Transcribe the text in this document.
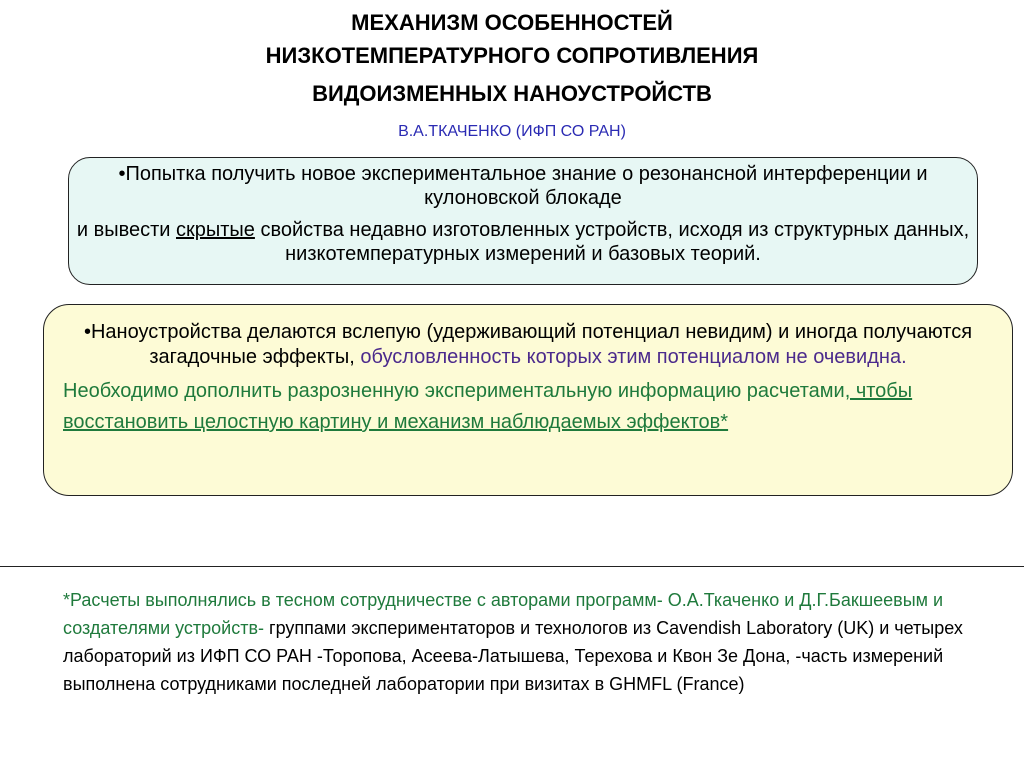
МЕХАНИЗМ ОСОБЕННОСТЕЙ
НИЗКОТЕМПЕРАТУРНОГО СОПРОТИВЛЕНИЯ
ВИДОИЗМЕННЫХ НАНОУСТРОЙСТВ
В.А.ТКАЧЕНКО (ИФП СО РАН)

•Попытка получить новое экспериментальное знание о резонансной интерференции и кулоновской блокаде

и вывести скрытые свойства недавно изготовленных устройств, исходя из структурных данных, низкотемпературных измерений и базовых теорий.

•Наноустройства делаются вслепую (удерживающий потенциал невидим) и иногда получаются загадочные эффекты, обусловленность которых этим потенциалом не очевидна.

Необходимо дополнить разрозненную экспериментальную информацию расчетами, чтобы восстановить целостную картину и механизм наблюдаемых эффектов*

*Расчеты выполнялись в тесном сотрудничестве с авторами программ- О.А.Ткаченко и Д.Г.Бакшеевым и создателями устройств- группами экспериментаторов и технологов из Cavendish Laboratory (UK) и четырех лабораторий из ИФП СО РАН -Торопова, Асеева-Латышева, Терехова и Квон Зе Дона, -часть измерений выполнена сотрудниками последней лаборатории при визитах в GHMFL (France)
